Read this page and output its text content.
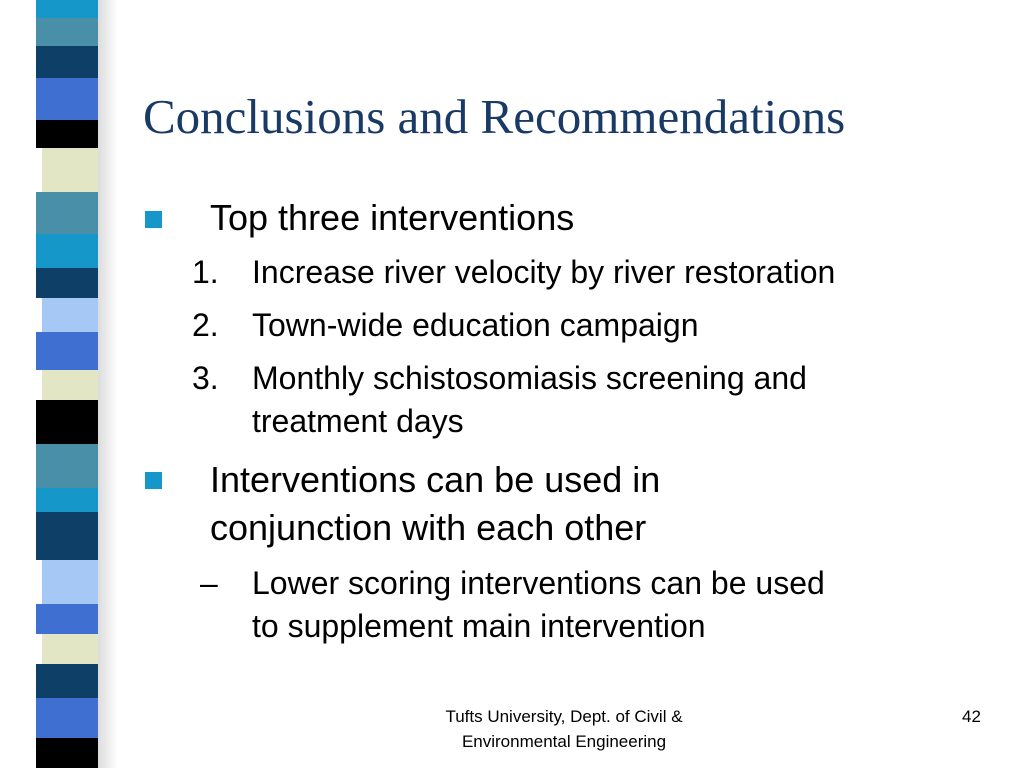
Conclusions and Recommendations
Top three interventions
1. Increase river velocity by river restoration
2. Town-wide education campaign
3. Monthly schistosomiasis screening and
treatment days
Interventions can be used in
conjunction with each other
– Lower scoring interventions can be used
to supplement main intervention
Tufts University, Dept. of Civil &
Environmental Engineering
42
